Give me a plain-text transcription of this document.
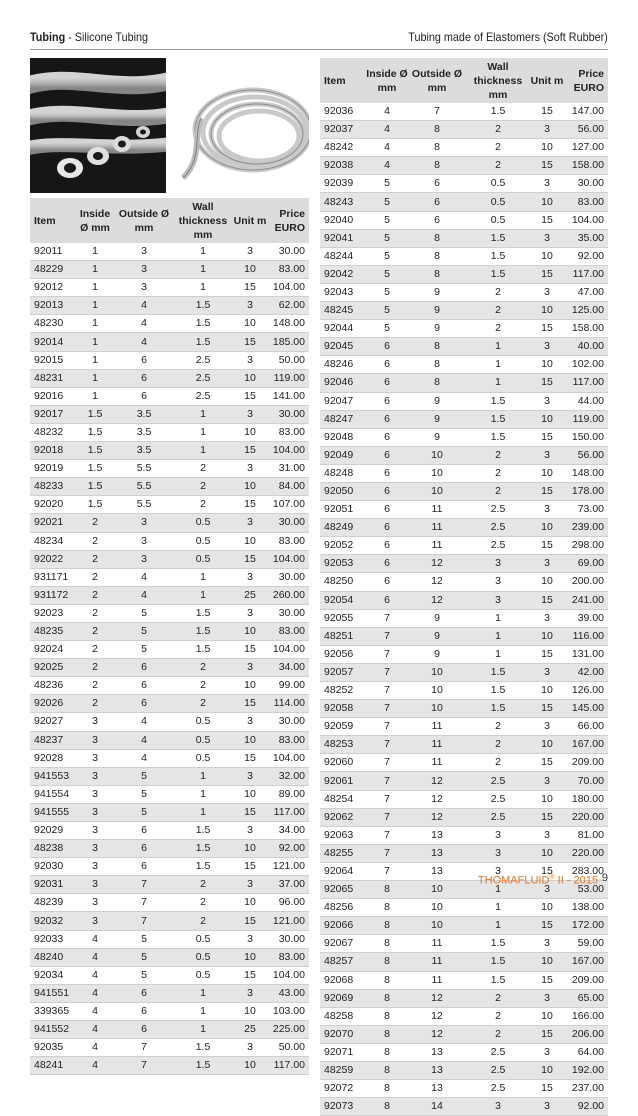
Tubing - Silicone Tubing	Tubing made of Elastomers (Soft Rubber)
Item	Inside Ø mm	Outside Ø mm	Wall thickness mm	Unit m	Price EURO
92011	1	3	1	3	30.00
48229	1	3	1	10	83.00
92012	1	3	1	15	104.00
92013	1	4	1.5	3	62.00
48230	1	4	1.5	10	148.00
92014	1	4	1.5	15	185.00
92015	1	6	2.5	3	50.00
48231	1	6	2.5	10	119.00
92016	1	6	2.5	15	141.00
92017	1.5	3.5	1	3	30.00
48232	1.5	3.5	1	10	83.00
92018	1.5	3.5	1	15	104.00
92019	1.5	5.5	2	3	31.00
48233	1.5	5.5	2	10	84.00
92020	1.5	5.5	2	15	107.00
92021	2	3	0.5	3	30.00
48234	2	3	0.5	10	83.00
92022	2	3	0.5	15	104.00
931171	2	4	1	3	30.00
931172	2	4	1	25	260.00
92023	2	5	1.5	3	30.00
48235	2	5	1.5	10	83.00
92024	2	5	1.5	15	104.00
92025	2	6	2	3	34.00
48236	2	6	2	10	99.00
92026	2	6	2	15	114.00
92027	3	4	0.5	3	30.00
48237	3	4	0.5	10	83.00
92028	3	4	0.5	15	104.00
941553	3	5	1	3	32.00
941554	3	5	1	10	89.00
941555	3	5	1	15	117.00
92029	3	6	1.5	3	34.00
48238	3	6	1.5	10	92.00
92030	3	6	1.5	15	121.00
92031	3	7	2	3	37.00
48239	3	7	2	10	96.00
92032	3	7	2	15	121.00
92033	4	5	0.5	3	30.00
48240	4	5	0.5	10	83.00
92034	4	5	0.5	15	104.00
941551	4	6	1	3	43.00
339365	4	6	1	10	103.00
941552	4	6	1	25	225.00
92035	4	7	1.5	3	50.00
48241	4	7	1.5	10	117.00
Item	Inside Ø mm	Outside Ø mm	Wall thickness mm	Unit m	Price EURO
92036	4	7	1.5	15	147.00
92037	4	8	2	3	56.00
48242	4	8	2	10	127.00
92038	4	8	2	15	158.00
92039	5	6	0.5	3	30.00
48243	5	6	0.5	10	83.00
92040	5	6	0.5	15	104.00
92041	5	8	1.5	3	35.00
48244	5	8	1.5	10	92.00
92042	5	8	1.5	15	117.00
92043	5	9	2	3	47.00
48245	5	9	2	10	125.00
92044	5	9	2	15	158.00
92045	6	8	1	3	40.00
48246	6	8	1	10	102.00
92046	6	8	1	15	117.00
92047	6	9	1.5	3	44.00
48247	6	9	1.5	10	119.00
92048	6	9	1.5	15	150.00
92049	6	10	2	3	56.00
48248	6	10	2	10	148.00
92050	6	10	2	15	178.00
92051	6	11	2.5	3	73.00
48249	6	11	2.5	10	239.00
92052	6	11	2.5	15	298.00
92053	6	12	3	3	69.00
48250	6	12	3	10	200.00
92054	6	12	3	15	241.00
92055	7	9	1	3	39.00
48251	7	9	1	10	116.00
92056	7	9	1	15	131.00
92057	7	10	1.5	3	42.00
48252	7	10	1.5	10	126.00
92058	7	10	1.5	15	145.00
92059	7	11	2	3	66.00
48253	7	11	2	10	167.00
92060	7	11	2	15	209.00
92061	7	12	2.5	3	70.00
48254	7	12	2.5	10	180.00
92062	7	12	2.5	15	220.00
92063	7	13	3	3	81.00
48255	7	13	3	10	220.00
92064	7	13	3	15	283.00
92065	8	10	1	3	53.00
48256	8	10	1	10	138.00
92066	8	10	1	15	172.00
92067	8	11	1.5	3	59.00
48257	8	11	1.5	10	167.00
92068	8	11	1.5	15	209.00
92069	8	12	2	3	65.00
48258	8	12	2	10	166.00
92070	8	12	2	15	206.00
92071	8	13	2.5	3	64.00
48259	8	13	2.5	10	192.00
92072	8	13	2.5	15	237.00
92073	8	14	3	3	92.00
THOMAFLUID® II - 2015 9
